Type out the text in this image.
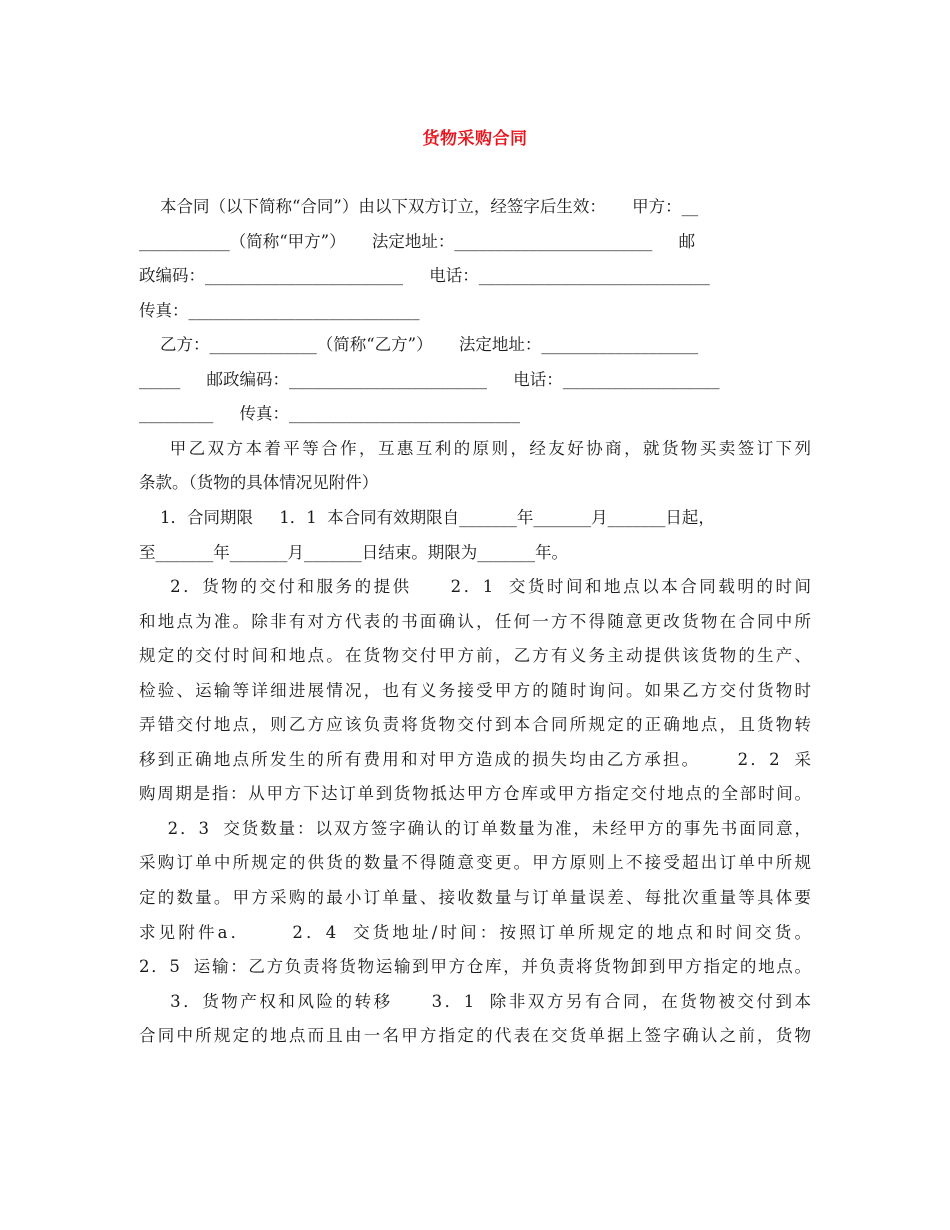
货物采购合同
本合同（以下简称“合同”）由以下双方订立，经签字后生效：     甲方：__
___________（简称“甲方”）     法定地址：________________________     邮
政编码：________________________     电话：____________________________
传真：____________________________
乙方：_____________（简称“乙方”）     法定地址：___________________
_____     邮政编码：________________________     电话：___________________
_________     传真：____________________________
甲乙双方本着平等合作，互惠互利的原则，经友好协商，就货物买卖签订下列
条款。（货物的具体情况见附件）
1．合同期限     1．1  本合同有效期限自_______年_______月_______日起，
至_______年_______月_______日结束。期限为_______年。
2．货物的交付和服务的提供     2．1  交货时间和地点以本合同载明的时间
和地点为准。除非有对方代表的书面确认，任何一方不得随意更改货物在合同中所
规定的交付时间和地点。在货物交付甲方前，乙方有义务主动提供该货物的生产、
检验、运输等详细进展情况，也有义务接受甲方的随时询问。如果乙方交付货物时
弄错交付地点，则乙方应该负责将货物交付到本合同所规定的正确地点，且货物转
移到正确地点所发生的所有费用和对甲方造成的损失均由乙方承担。     2．2  采
购周期是指：从甲方下达订单到货物抵达甲方仓库或甲方指定交付地点的全部时间。
2．3  交货数量：以双方签字确认的订单数量为准，未经甲方的事先书面同意，
采购订单中所规定的供货的数量不得随意变更。甲方原则上不接受超出订单中所规
定的数量。甲方采购的最小订单量、接收数量与订单量误差、每批次重量等具体要
求见附件a．     2．4  交货地址/时间：按照订单所规定的地点和时间交货。
2．5  运输：乙方负责将货物运输到甲方仓库，并负责将货物卸到甲方指定的地点。
3．货物产权和风险的转移     3．1  除非双方另有合同，在货物被交付到本
合同中所规定的地点而且由一名甲方指定的代表在交货单据上签字确认之前，货物
